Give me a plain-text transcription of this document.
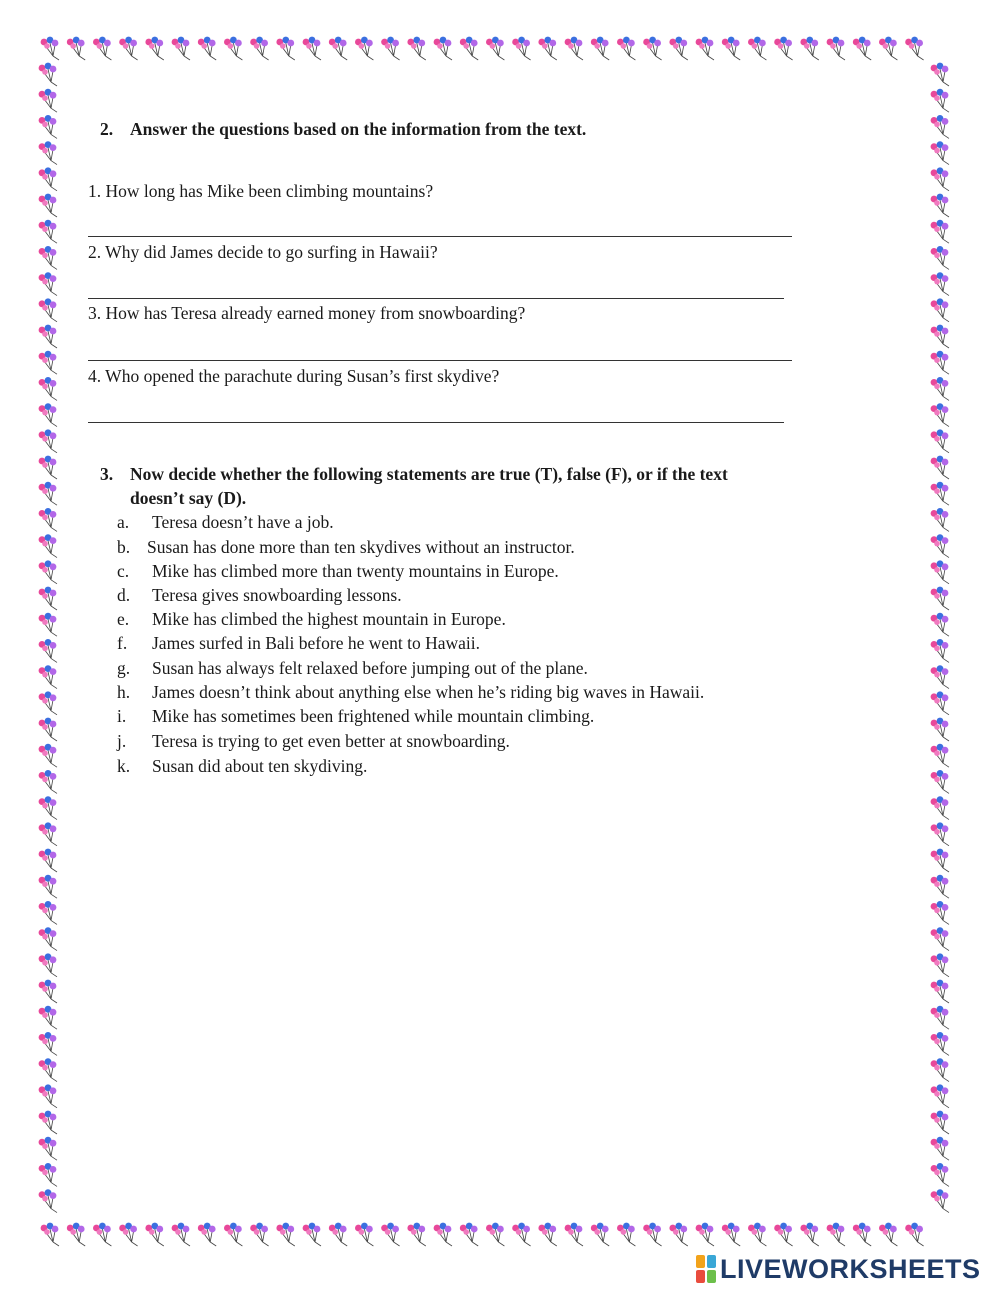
2. Answer the questions based on the information from the text.
1. How long has Mike been climbing mountains?
2. Why did James decide to go surfing in Hawaii?
3. How has Teresa already earned money from snowboarding?
4. Who opened the parachute during Susan’s first skydive?
3. Now decide whether the following statements are true (T), false (F), or if the text
doesn’t say (D).
a. Teresa doesn’t have a job.
b. Susan has done more than ten skydives without an instructor.
c. Mike has climbed more than twenty mountains in Europe.
d. Teresa gives snowboarding lessons.
e. Mike has climbed the highest mountain in Europe.
f. James surfed in Bali before he went to Hawaii.
g. Susan has always felt relaxed before jumping out of the plane.
h. James doesn’t think about anything else when he’s riding big waves in Hawaii.
i. Mike has sometimes been frightened while mountain climbing.
j. Teresa is trying to get even better at snowboarding.
k. Susan did about ten skydiving.
LIVEWORKSHEETS
